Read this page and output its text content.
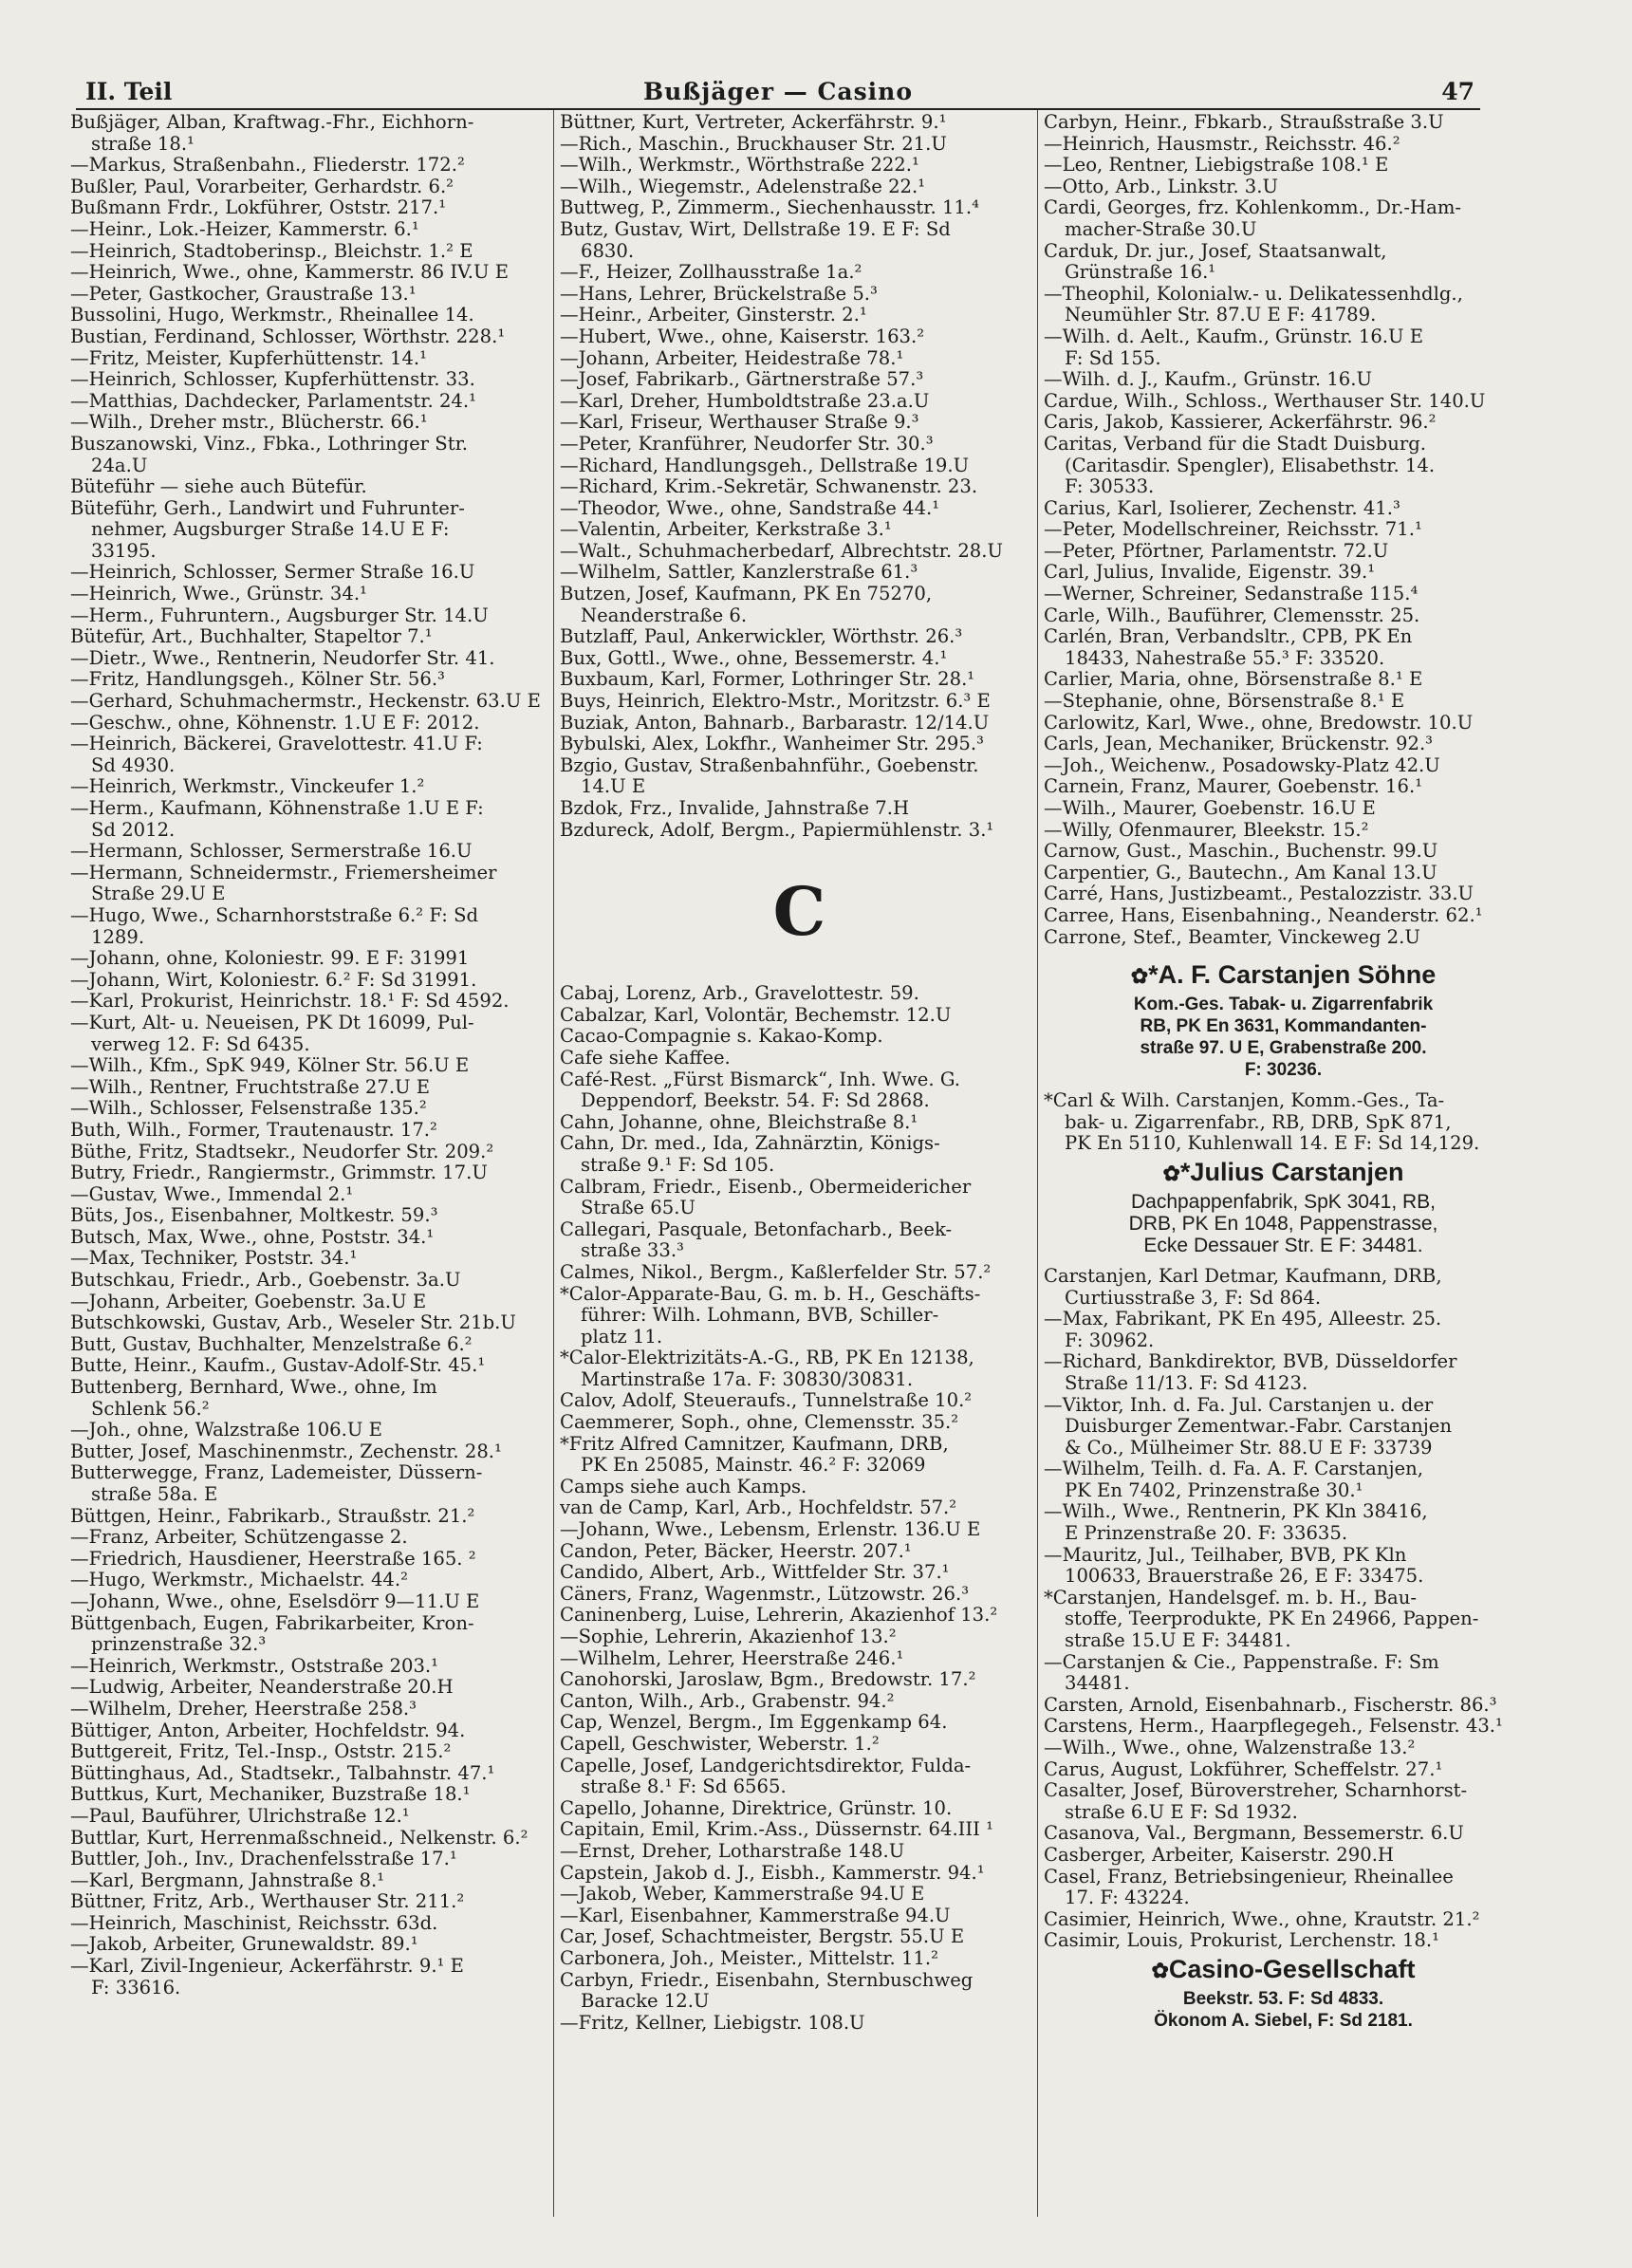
II. Teil	Bußjäger — Casino	47
Bußjäger, Alban, Kraftwag.-Fhr., Eichhorn-
straße 18.¹
—Markus, Straßenbahn., Fliederstr. 172.²
Bußler, Paul, Vorarbeiter, Gerhardstr. 6.²
Bußmann Frdr., Lokführer, Oststr. 217.¹
—Heinr., Lok.-Heizer, Kammerstr. 6.¹
—Heinrich, Stadtoberinsp., Bleichstr. 1.² E
—Heinrich, Wwe., ohne, Kammerstr. 86 IV.U E
—Peter, Gastkocher, Graustraße 13.¹
Bussolini, Hugo, Werkmstr., Rheinallee 14.
Bustian, Ferdinand, Schlosser, Wörthstr. 228.¹
—Fritz, Meister, Kupferhüttenstr. 14.¹
—Heinrich, Schlosser, Kupferhüttenstr. 33.
—Matthias, Dachdecker, Parlamentstr. 24.¹
—Wilh., Dreher mstr., Blücherstr. 66.¹
Buszanowski, Vinz., Fbka., Lothringer Str.
24a.U
Büteführ — siehe auch Bütefür.
Büteführ, Gerh., Landwirt und Fuhrunter-
nehmer, Augsburger Straße 14.U E F:
33195.
—Heinrich, Schlosser, Sermer Straße 16.U
—Heinrich, Wwe., Grünstr. 34.¹
—Herm., Fuhruntern., Augsburger Str. 14.U
Bütefür, Art., Buchhalter, Stapeltor 7.¹
—Dietr., Wwe., Rentnerin, Neudorfer Str. 41.
—Fritz, Handlungsgeh., Kölner Str. 56.³
—Gerhard, Schuhmachermstr., Heckenstr. 63.U E
—Geschw., ohne, Köhnenstr. 1.U E F: 2012.
—Heinrich, Bäckerei, Gravelottestr. 41.U F:
Sd 4930.
—Heinrich, Werkmstr., Vinckeufer 1.²
—Herm., Kaufmann, Köhnenstraße 1.U E F:
Sd 2012.
—Hermann, Schlosser, Sermerstraße 16.U
—Hermann, Schneidermstr., Friemersheimer
Straße 29.U E
—Hugo, Wwe., Scharnhorststraße 6.² F: Sd
1289.
—Johann, ohne, Koloniestr. 99. E F: 31991
—Johann, Wirt, Koloniestr. 6.² F: Sd 31991.
—Karl, Prokurist, Heinrichstr. 18.¹ F: Sd 4592.
—Kurt, Alt- u. Neueisen, PK Dt 16099, Pul-
verweg 12. F: Sd 6435.
—Wilh., Kfm., SpK 949, Kölner Str. 56.U E
—Wilh., Rentner, Fruchtstraße 27.U E
—Wilh., Schlosser, Felsenstraße 135.²
Buth, Wilh., Former, Trautenaustr. 17.²
Büthe, Fritz, Stadtsekr., Neudorfer Str. 209.²
Butry, Friedr., Rangiermstr., Grimmstr. 17.U
—Gustav, Wwe., Immendal 2.¹
Büts, Jos., Eisenbahner, Moltkestr. 59.³
Butsch, Max, Wwe., ohne, Poststr. 34.¹
—Max, Techniker, Poststr. 34.¹
Butschkau, Friedr., Arb., Goebenstr. 3a.U
—Johann, Arbeiter, Goebenstr. 3a.U E
Butschkowski, Gustav, Arb., Weseler Str. 21b.U
Butt, Gustav, Buchhalter, Menzelstraße 6.²
Butte, Heinr., Kaufm., Gustav-Adolf-Str. 45.¹
Buttenberg, Bernhard, Wwe., ohne, Im
Schlenk 56.²
—Joh., ohne, Walzstraße 106.U E
Butter, Josef, Maschinenmstr., Zechenstr. 28.¹
Butterwegge, Franz, Lademeister, Düssern-
straße 58a. E
Büttgen, Heinr., Fabrikarb., Straußstr. 21.²
—Franz, Arbeiter, Schützengasse 2.
—Friedrich, Hausdiener, Heerstraße 165. ²
—Hugo, Werkmstr., Michaelstr. 44.²
—Johann, Wwe., ohne, Eselsdörr 9—11.U E
Büttgenbach, Eugen, Fabrikarbeiter, Kron-
prinzenstraße 32.³
—Heinrich, Werkmstr., Oststraße 203.¹
—Ludwig, Arbeiter, Neanderstraße 20.H
—Wilhelm, Dreher, Heerstraße 258.³
Büttiger, Anton, Arbeiter, Hochfeldstr. 94.
Buttgereit, Fritz, Tel.-Insp., Oststr. 215.²
Büttinghaus, Ad., Stadtsekr., Talbahnstr. 47.¹
Buttkus, Kurt, Mechaniker, Buzstraße 18.¹
—Paul, Bauführer, Ulrichstraße 12.¹
Buttlar, Kurt, Herrenmaßschneid., Nelkenstr. 6.²
Buttler, Joh., Inv., Drachenfelsstraße 17.¹
—Karl, Bergmann, Jahnstraße 8.¹
Büttner, Fritz, Arb., Werthauser Str. 211.²
—Heinrich, Maschinist, Reichsstr. 63d.
—Jakob, Arbeiter, Grunewaldstr. 89.¹
—Karl, Zivil-Ingenieur, Ackerfährstr. 9.¹ E
F: 33616.
Büttner, Kurt, Vertreter, Ackerfährstr. 9.¹
—Rich., Maschin., Bruckhauser Str. 21.U
—Wilh., Werkmstr., Wörthstraße 222.¹
—Wilh., Wiegemstr., Adelenstraße 22.¹
Buttweg, P., Zimmerm., Siechenhausstr. 11.⁴
Butz, Gustav, Wirt, Dellstraße 19. E F: Sd
6830.
—F., Heizer, Zollhausstraße 1a.²
—Hans, Lehrer, Brückelstraße 5.³
—Heinr., Arbeiter, Ginsterstr. 2.¹
—Hubert, Wwe., ohne, Kaiserstr. 163.²
—Johann, Arbeiter, Heidestraße 78.¹
—Josef, Fabrikarb., Gärtnerstraße 57.³
—Karl, Dreher, Humboldtstraße 23.a.U
—Karl, Friseur, Werthauser Straße 9.³
—Peter, Kranführer, Neudorfer Str. 30.³
—Richard, Handlungsgeh., Dellstraße 19.U
—Richard, Krim.-Sekretär, Schwanenstr. 23.
—Theodor, Wwe., ohne, Sandstraße 44.¹
—Valentin, Arbeiter, Kerkstraße 3.¹
—Walt., Schuhmacherbedarf, Albrechtstr. 28.U
—Wilhelm, Sattler, Kanzlerstraße 61.³
Butzen, Josef, Kaufmann, PK En 75270,
Neanderstraße 6.
Butzlaff, Paul, Ankerwickler, Wörthstr. 26.³
Bux, Gottl., Wwe., ohne, Bessemerstr. 4.¹
Buxbaum, Karl, Former, Lothringer Str. 28.¹
Buys, Heinrich, Elektro-Mstr., Moritzstr. 6.³ E
Buziak, Anton, Bahnarb., Barbarastr. 12/14.U
Bybulski, Alex, Lokfhr., Wanheimer Str. 295.³
Bzgio, Gustav, Straßenbahnführ., Goebenstr.
14.U E
Bzdok, Frz., Invalide, Jahnstraße 7.H
Bzdureck, Adolf, Bergm., Papiermühlenstr. 3.¹
C
Cabaj, Lorenz, Arb., Gravelottestr. 59.
Cabalzar, Karl, Volontär, Bechemstr. 12.U
Cacao-Compagnie s. Kakao-Komp.
Cafe siehe Kaffee.
Café-Rest. „Fürst Bismarck“, Inh. Wwe. G.
Deppendorf, Beekstr. 54. F: Sd 2868.
Cahn, Johanne, ohne, Bleichstraße 8.¹
Cahn, Dr. med., Ida, Zahnärztin, Königs-
straße 9.¹ F: Sd 105.
Calbram, Friedr., Eisenb., Obermeidericher
Straße 65.U
Callegari, Pasquale, Betonfacharb., Beek-
straße 33.³
Calmes, Nikol., Bergm., Kaßlerfelder Str. 57.²
*Calor-Apparate-Bau, G. m. b. H., Geschäfts-
führer: Wilh. Lohmann, BVB, Schiller-
platz 11.
*Calor-Elektrizitäts-A.-G., RB, PK En 12138,
Martinstraße 17a. F: 30830/30831.
Calov, Adolf, Steueraufs., Tunnelstraße 10.²
Caemmerer, Soph., ohne, Clemensstr. 35.²
*Fritz Alfred Camnitzer, Kaufmann, DRB,
PK En 25085, Mainstr. 46.² F: 32069
Camps siehe auch Kamps.
van de Camp, Karl, Arb., Hochfeldstr. 57.²
—Johann, Wwe., Lebensm, Erlenstr. 136.U E
Candon, Peter, Bäcker, Heerstr. 207.¹
Candido, Albert, Arb., Wittfelder Str. 37.¹
Cäners, Franz, Wagenmstr., Lützowstr. 26.³
Caninenberg, Luise, Lehrerin, Akazienhof 13.²
—Sophie, Lehrerin, Akazienhof 13.²
—Wilhelm, Lehrer, Heerstraße 246.¹
Canohorski, Jaroslaw, Bgm., Bredowstr. 17.²
Canton, Wilh., Arb., Grabenstr. 94.²
Cap, Wenzel, Bergm., Im Eggenkamp 64.
Capell, Geschwister, Weberstr. 1.²
Capelle, Josef, Landgerichtsdirektor, Fulda-
straße 8.¹ F: Sd 6565.
Capello, Johanne, Direktrice, Grünstr. 10.
Capitain, Emil, Krim.-Ass., Düssernstr. 64.III ¹
—Ernst, Dreher, Lotharstraße 148.U
Capstein, Jakob d. J., Eisbh., Kammerstr. 94.¹
—Jakob, Weber, Kammerstraße 94.U E
—Karl, Eisenbahner, Kammerstraße 94.U
Car, Josef, Schachtmeister, Bergstr. 55.U E
Carbonera, Joh., Meister., Mittelstr. 11.²
Carbyn, Friedr., Eisenbahn, Sternbuschweg
Baracke 12.U
—Fritz, Kellner, Liebigstr. 108.U
Carbyn, Heinr., Fbkarb., Straußstraße 3.U
—Heinrich, Hausmstr., Reichsstr. 46.²
—Leo, Rentner, Liebigstraße 108.¹ E
—Otto, Arb., Linkstr. 3.U
Cardi, Georges, frz. Kohlenkomm., Dr.-Ham-
macher-Straße 30.U
Carduk, Dr. jur., Josef, Staatsanwalt,
Grünstraße 16.¹
—Theophil, Kolonialw.- u. Delikatessenhdlg.,
Neumühler Str. 87.U E F: 41789.
—Wilh. d. Aelt., Kaufm., Grünstr. 16.U E
F: Sd 155.
—Wilh. d. J., Kaufm., Grünstr. 16.U
Cardue, Wilh., Schloss., Werthauser Str. 140.U
Caris, Jakob, Kassierer, Ackerfährstr. 96.²
Caritas, Verband für die Stadt Duisburg.
(Caritasdir. Spengler), Elisabethstr. 14.
F: 30533.
Carius, Karl, Isolierer, Zechenstr. 41.³
—Peter, Modellschreiner, Reichsstr. 71.¹
—Peter, Pförtner, Parlamentstr. 72.U
Carl, Julius, Invalide, Eigenstr. 39.¹
—Werner, Schreiner, Sedanstraße 115.⁴
Carle, Wilh., Bauführer, Clemensstr. 25.
Carlén, Bran, Verbandsltr., CPB, PK En
18433, Nahestraße 55.³ F: 33520.
Carlier, Maria, ohne, Börsenstraße 8.¹ E
—Stephanie, ohne, Börsenstraße 8.¹ E
Carlowitz, Karl, Wwe., ohne, Bredowstr. 10.U
Carls, Jean, Mechaniker, Brückenstr. 92.³
—Joh., Weichenw., Posadowsky-Platz 42.U
Carnein, Franz, Maurer, Goebenstr. 16.¹
—Wilh., Maurer, Goebenstr. 16.U E
—Willy, Ofenmaurer, Bleekstr. 15.²
Carnow, Gust., Maschin., Buchenstr. 99.U
Carpentier, G., Bautechn., Am Kanal 13.U
Carré, Hans, Justizbeamt., Pestalozzistr. 33.U
Carree, Hans, Eisenbahning., Neanderstr. 62.¹
Carrone, Stef., Beamter, Vinckeweg 2.U
✿*A. F. Carstanjen Söhne
Kom.-Ges. Tabak- u. Zigarrenfabrik
RB, PK En 3631, Kommandanten-
straße 97. U E, Grabenstraße 200.
F: 30236.
*Carl & Wilh. Carstanjen, Komm.-Ges., Ta-
bak- u. Zigarrenfabr., RB, DRB, SpK 871,
PK En 5110, Kuhlenwall 14. E F: Sd 14,129.
✿*Julius Carstanjen
Dachpappenfabrik, SpK 3041, RB,
DRB, PK En 1048, Pappenstrasse,
Ecke Dessauer Str. E F: 34481.
Carstanjen, Karl Detmar, Kaufmann, DRB,
Curtiusstraße 3, F: Sd 864.
—Max, Fabrikant, PK En 495, Alleestr. 25.
F: 30962.
—Richard, Bankdirektor, BVB, Düsseldorfer
Straße 11/13. F: Sd 4123.
—Viktor, Inh. d. Fa. Jul. Carstanjen u. der
Duisburger Zementwar.-Fabr. Carstanjen
& Co., Mülheimer Str. 88.U E F: 33739
—Wilhelm, Teilh. d. Fa. A. F. Carstanjen,
PK En 7402, Prinzenstraße 30.¹
—Wilh., Wwe., Rentnerin, PK Kln 38416,
E Prinzenstraße 20. F: 33635.
—Mauritz, Jul., Teilhaber, BVB, PK Kln
100633, Brauerstraße 26, E F: 33475.
*Carstanjen, Handelsgef. m. b. H., Bau-
stoffe, Teerprodukte, PK En 24966, Pappen-
straße 15.U E F: 34481.
—Carstanjen & Cie., Pappenstraße. F: Sm
34481.
Carsten, Arnold, Eisenbahnarb., Fischerstr. 86.³
Carstens, Herm., Haarpflegegeh., Felsenstr. 43.¹
—Wilh., Wwe., ohne, Walzenstraße 13.²
Carus, August, Lokführer, Scheffelstr. 27.¹
Casalter, Josef, Büroverstreher, Scharnhorst-
straße 6.U E F: Sd 1932.
Casanova, Val., Bergmann, Bessemerstr. 6.U
Casberger, Arbeiter, Kaiserstr. 290.H
Casel, Franz, Betriebsingenieur, Rheinallee
17. F: 43224.
Casimier, Heinrich, Wwe., ohne, Krautstr. 21.²
Casimir, Louis, Prokurist, Lerchenstr. 18.¹
✿Casino-Gesellschaft
Beekstr. 53. F: Sd 4833.
Ökonom A. Siebel, F: Sd 2181.
